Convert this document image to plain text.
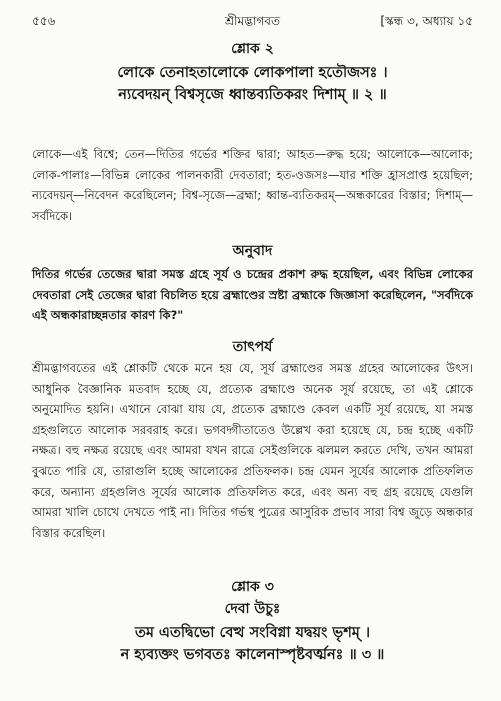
৫৫৬	শ্রীমদ্ভাগবত	[স্কন্ধ ৩, অধ্যায় ১৫
শ্লোক ২
লোকে তেনাহতালোকে লোকপালা হতৌজসঃ ।
ন্যবেদয়ন্ বিশ্বসৃজে ধ্বান্তব্যতিকরং দিশাম্ ॥ ২ ॥
লোকে—এই বিশ্বে; তেন—দিতির গর্ভের শক্তির দ্বারা; আহত—রুদ্ধ হয়ে; আলোকে—আলোক; লোক-পালাঃ—বিভিন্ন লোকের পালনকারী দেবতারা; হত-ওজসঃ—যার শক্তি হ্রাসপ্রাপ্ত হয়েছিল; ন্যবেদয়ন্—নিবেদন করেছিলেন; বিশ্ব-সৃজে—ব্রহ্মা; ধ্বান্ত-ব্যতিকরম্—অন্ধকারের বিস্তার; দিশাম্—সর্বদিকে।
অনুবাদ
দিতির গর্ভের তেজের দ্বারা সমস্ত গ্রহে সূর্য ও চন্দ্রের প্রকাশ রুদ্ধ হয়েছিল, এবং বিভিন্ন লোকের দেবতারা সেই তেজের দ্বারা বিচলিত হয়ে ব্রহ্মাণ্ডের স্রষ্টা ব্রহ্মাকে জিজ্ঞাসা করেছিলেন, "সর্বদিকে এই অন্ধকারাচ্ছন্নতার কারণ কি?"
তাৎপর্য
শ্রীমদ্ভাগবতের এই শ্লোকটি থেকে মনে হয় যে, সূর্য ব্রহ্মাণ্ডের সমস্ত গ্রহের আলোকের উৎস। আধুনিক বৈজ্ঞানিক মতবাদ হচ্ছে যে, প্রত্যেক ব্রহ্মাণ্ডে অনেক সূর্য রয়েছে, তা এই শ্লোকে অনুমোদিত হয়নি। এখানে বোঝা যায় যে, প্রত্যেক ব্রহ্মাণ্ডে কেবল একটি সূর্য রয়েছে, যা সমস্ত গ্রহগুলিতে আলোক সরবরাহ করে। ভগবদ্গীতাতেও উল্লেখ করা হয়েছে যে, চন্দ্র হচ্ছে একটি নক্ষত্র। বহু নক্ষত্র রয়েছে এবং আমরা যখন রাত্রে সেইগুলিকে ঝলমল করতে দেখি, তখন আমরা বুঝতে পারি যে, তারাগুলি হচ্ছে আলোকের প্রতিফলক। চন্দ্র যেমন সূর্যের আলোক প্রতিফলিত করে, অন্যান্য গ্রহগুলিও সূর্যের আলোক প্রতিফলিত করে, এবং অন্য বহু গ্রহ রয়েছে যেগুলি আমরা খালি চোখে দেখতে পাই না। দিতির গর্ভস্থ পুত্রের আসুরিক প্রভাব সারা বিশ্ব জুড়ে অন্ধকার বিস্তার করেছিল।
শ্লোক ৩
দেবা উচুঃ
তম এতদ্বিভো বেত্থ সংবিগ্না যদ্বয়ং ভৃশম্ ।
ন হ্যব্যক্তং ভগবতঃ কালেনাস্পৃষ্টবর্ত্মনঃ ॥ ৩ ॥
